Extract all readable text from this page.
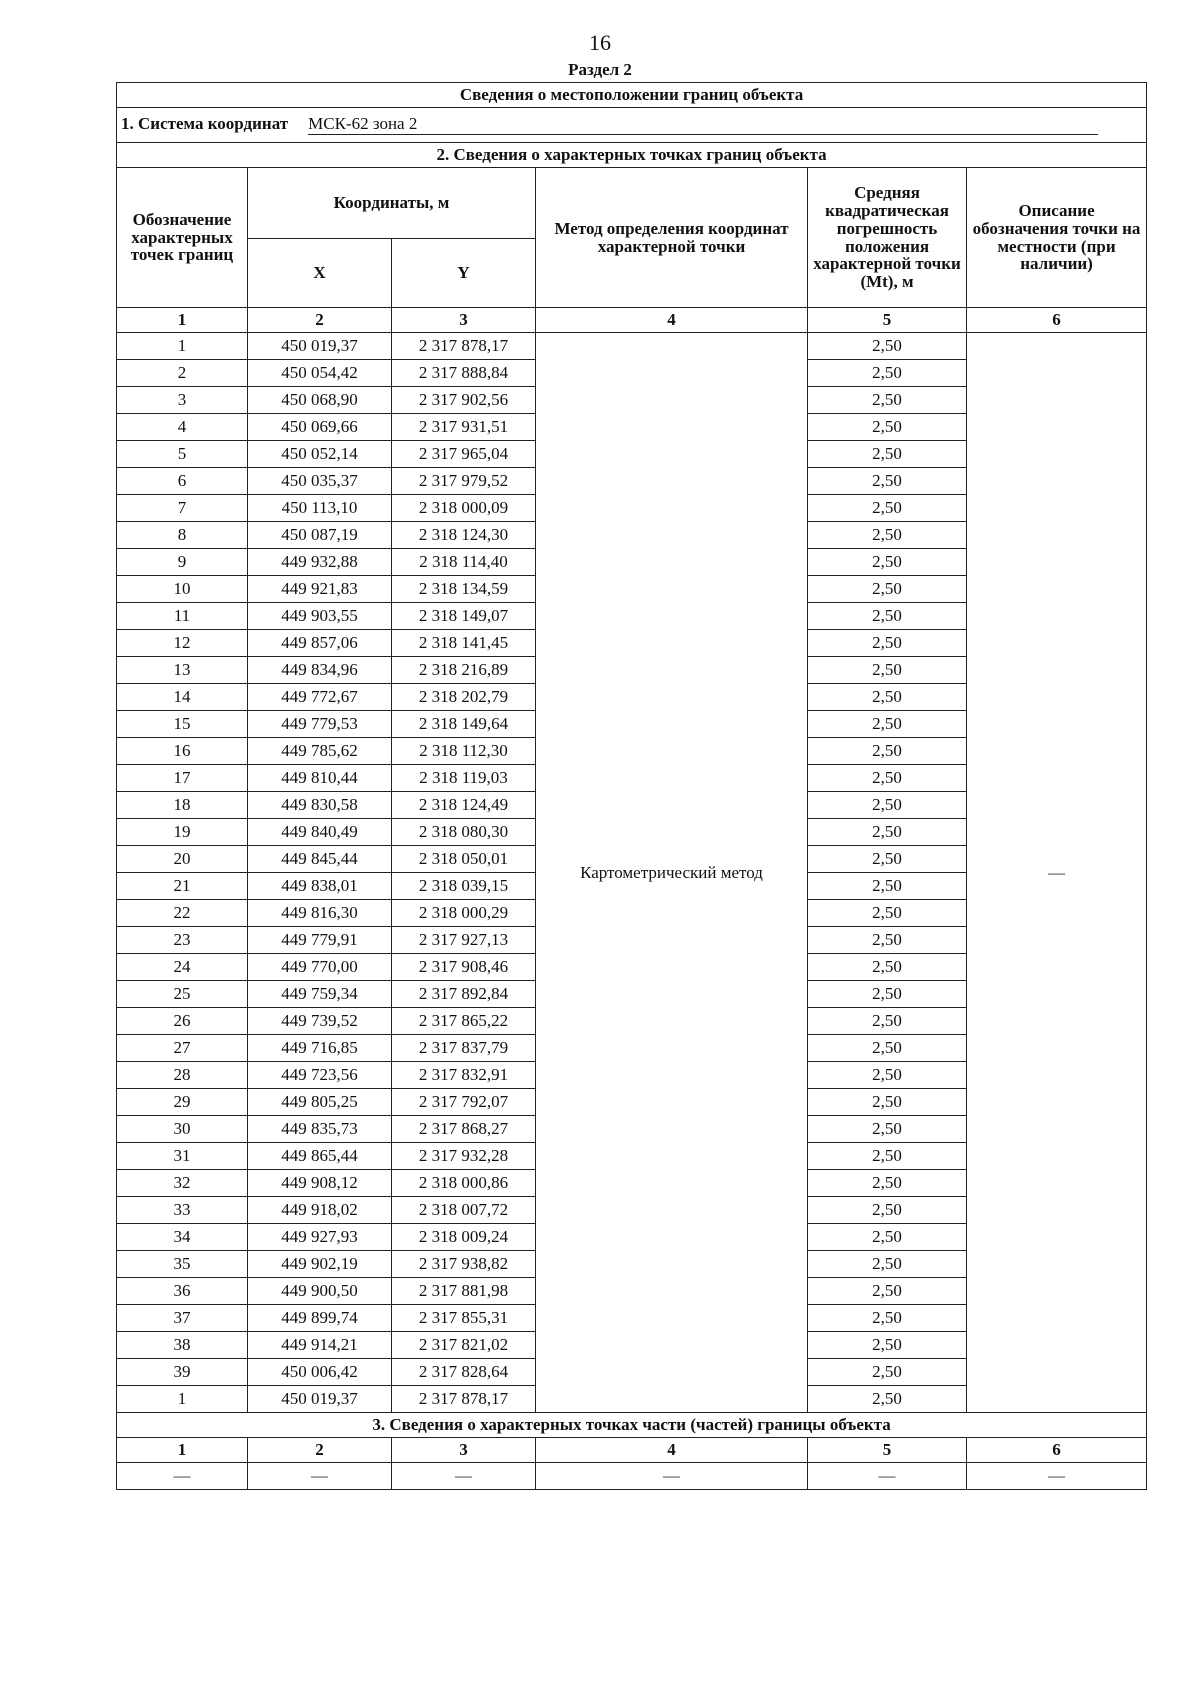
16
Раздел 2
Сведения о местоположении границ объекта					
1. Система координат МСК-62 зона 2					
2. Сведения о характерных точках границ объекта					
Обозначение характерных точек границ	Координаты, м		Метод определения координат характерной точки	Средняя квадратическая погрешность положения характерной точки (Mt), м	Описание обозначения точки на местности (при наличии)
	X	Y			
1	2	3	4	5	6
1	450 019,37	2 317 878,17	Картометрический метод	2,50	—
2	450 054,42	2 317 888,84		2,50	
3	450 068,90	2 317 902,56		2,50	
4	450 069,66	2 317 931,51		2,50	
5	450 052,14	2 317 965,04		2,50	
6	450 035,37	2 317 979,52		2,50	
7	450 113,10	2 318 000,09		2,50	
8	450 087,19	2 318 124,30		2,50	
9	449 932,88	2 318 114,40		2,50	
10	449 921,83	2 318 134,59		2,50	
11	449 903,55	2 318 149,07		2,50	
12	449 857,06	2 318 141,45		2,50	
13	449 834,96	2 318 216,89		2,50	
14	449 772,67	2 318 202,79		2,50	
15	449 779,53	2 318 149,64		2,50	
16	449 785,62	2 318 112,30		2,50	
17	449 810,44	2 318 119,03		2,50	
18	449 830,58	2 318 124,49		2,50	
19	449 840,49	2 318 080,30		2,50	
20	449 845,44	2 318 050,01		2,50	
21	449 838,01	2 318 039,15		2,50	
22	449 816,30	2 318 000,29		2,50	
23	449 779,91	2 317 927,13		2,50	
24	449 770,00	2 317 908,46		2,50	
25	449 759,34	2 317 892,84		2,50	
26	449 739,52	2 317 865,22		2,50	
27	449 716,85	2 317 837,79		2,50	
28	449 723,56	2 317 832,91		2,50	
29	449 805,25	2 317 792,07		2,50	
30	449 835,73	2 317 868,27		2,50	
31	449 865,44	2 317 932,28		2,50	
32	449 908,12	2 318 000,86		2,50	
33	449 918,02	2 318 007,72		2,50	
34	449 927,93	2 318 009,24		2,50	
35	449 902,19	2 317 938,82		2,50	
36	449 900,50	2 317 881,98		2,50	
37	449 899,74	2 317 855,31		2,50	
38	449 914,21	2 317 821,02		2,50	
39	450 006,42	2 317 828,64		2,50	
1	450 019,37	2 317 878,17		2,50	
3. Сведения о характерных точках части (частей) границы объекта					
1	2	3	4	5	6
—	—	—	—	—	—
